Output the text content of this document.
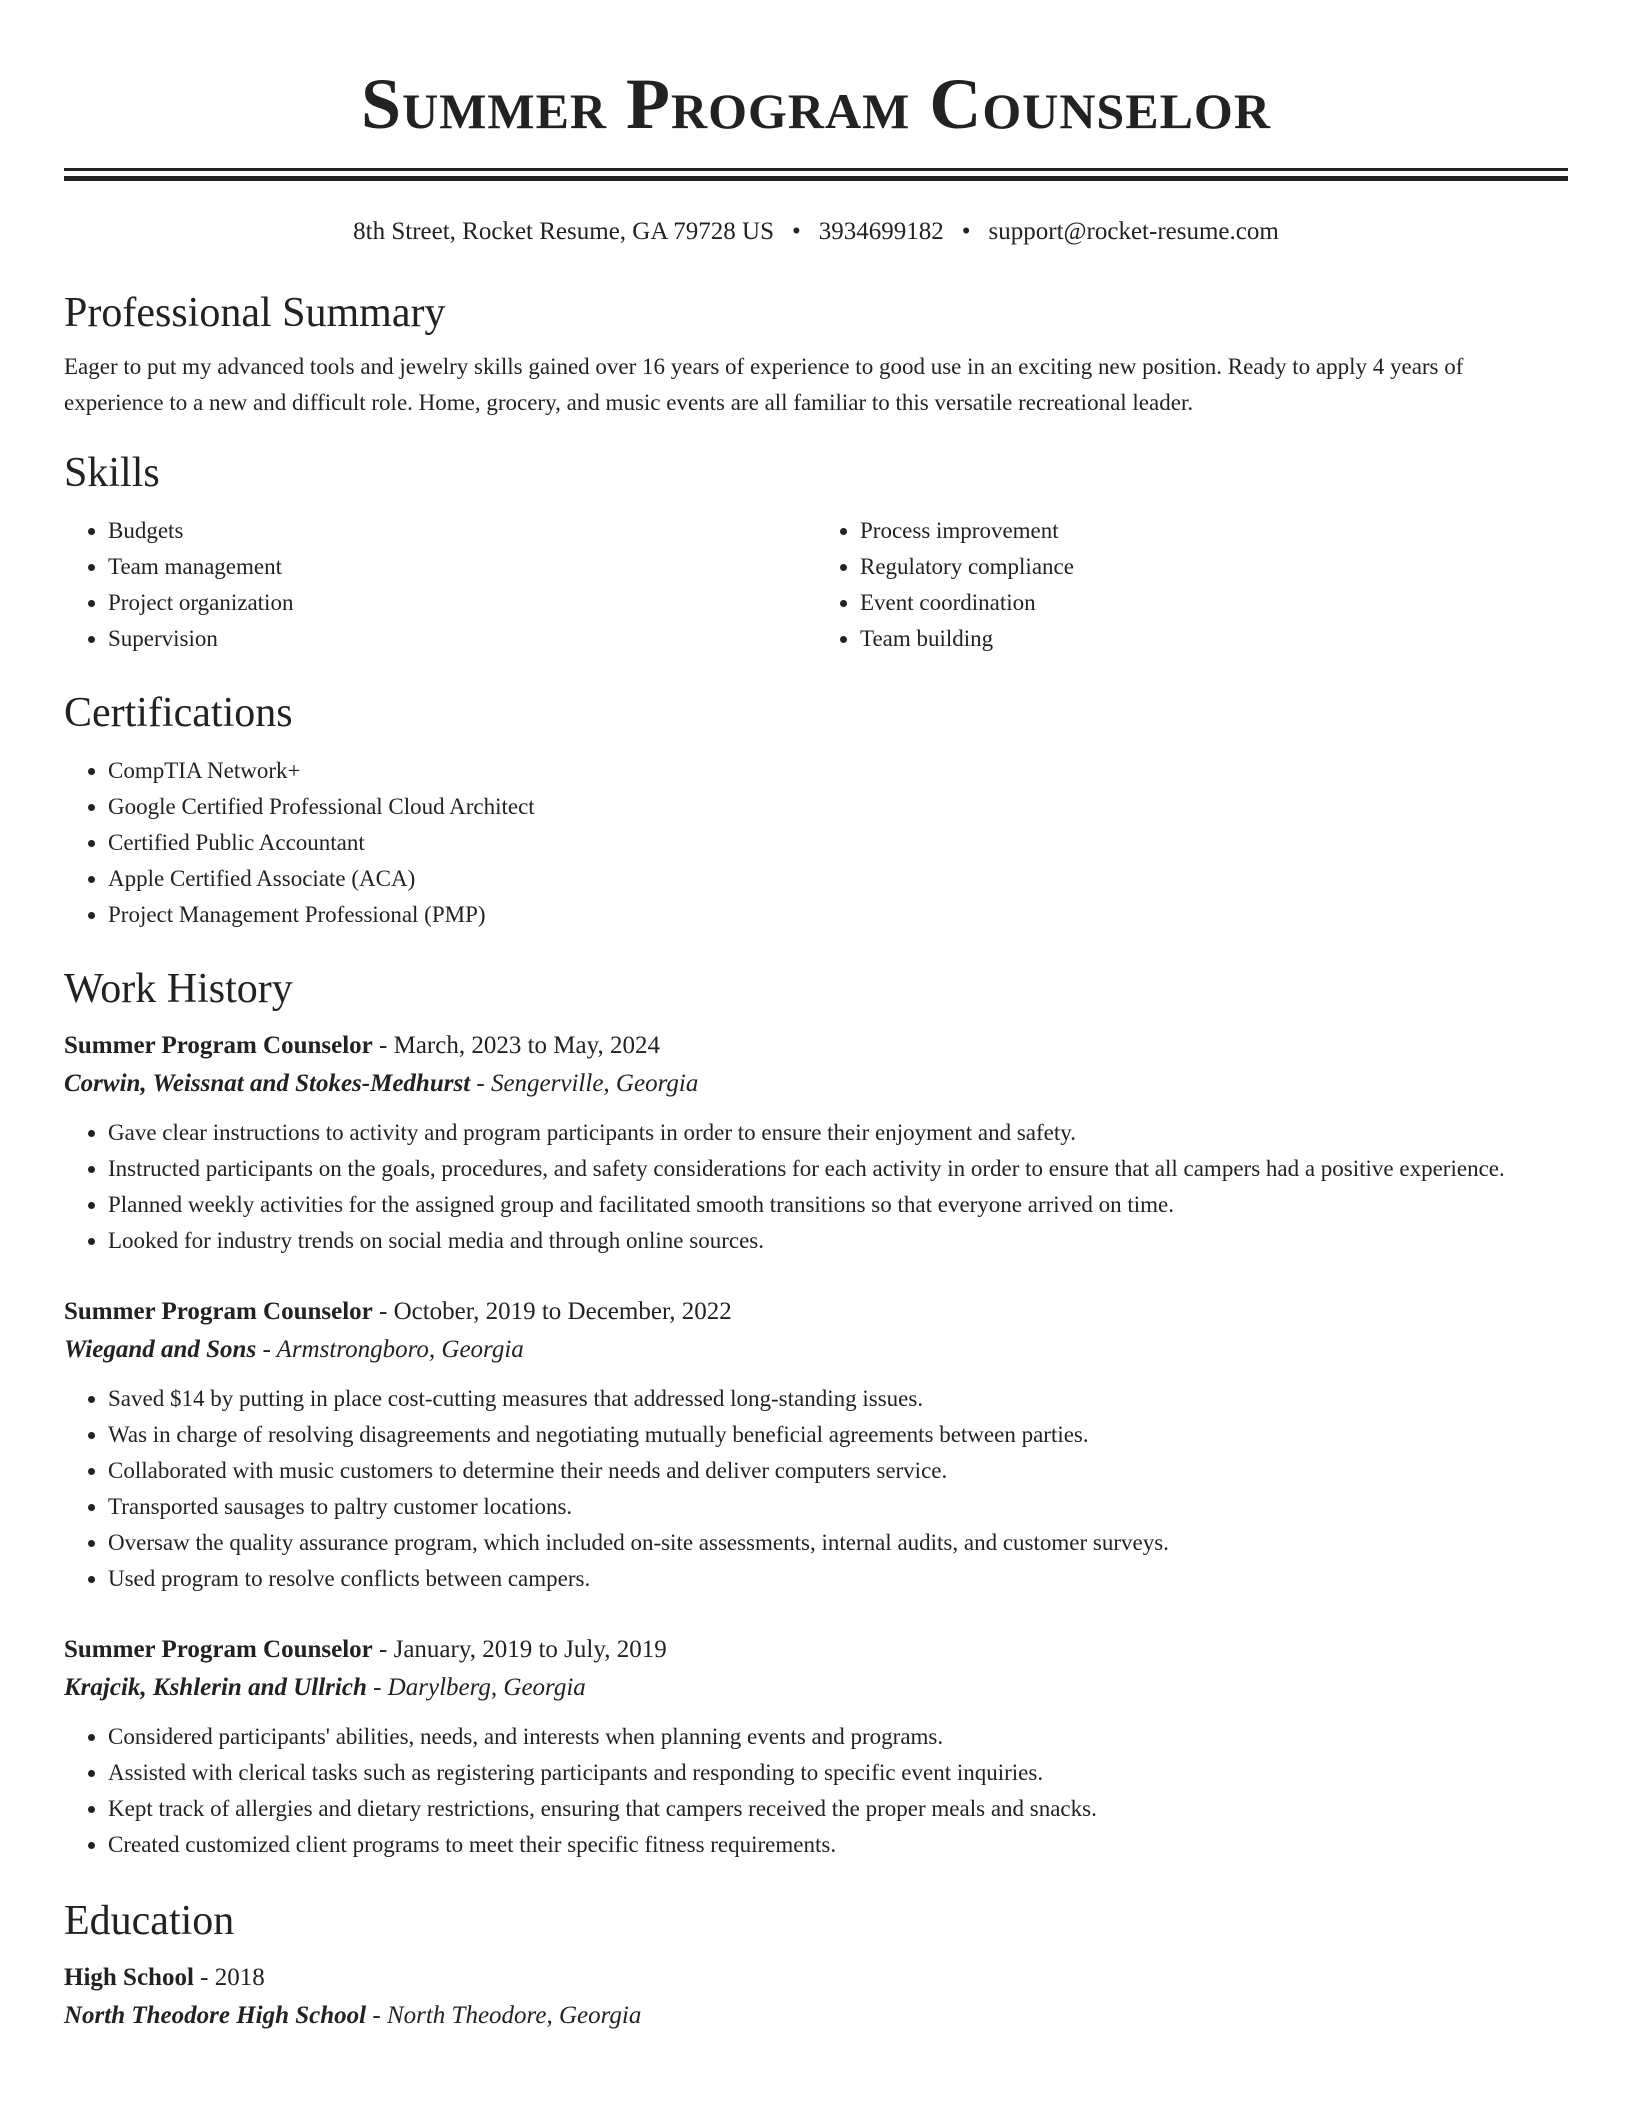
Summer Program Counselor
8th Street, Rocket Resume, GA 79728 US • 3934699182 • support@rocket-resume.com
Professional Summary
Eager to put my advanced tools and jewelry skills gained over 16 years of experience to good use in an exciting new position. Ready to apply 4 years of experience to a new and difficult role. Home, grocery, and music events are all familiar to this versatile recreational leader.
Skills
• Budgets
• Team management
• Project organization
• Supervision
• Process improvement
• Regulatory compliance
• Event coordination
• Team building
Certifications
• CompTIA Network+
• Google Certified Professional Cloud Architect
• Certified Public Accountant
• Apple Certified Associate (ACA)
• Project Management Professional (PMP)
Work History
Summer Program Counselor - March, 2023 to May, 2024
Corwin, Weissnat and Stokes-Medhurst - Sengerville, Georgia
• Gave clear instructions to activity and program participants in order to ensure their enjoyment and safety.
• Instructed participants on the goals, procedures, and safety considerations for each activity in order to ensure that all campers had a positive experience.
• Planned weekly activities for the assigned group and facilitated smooth transitions so that everyone arrived on time.
• Looked for industry trends on social media and through online sources.
Summer Program Counselor - October, 2019 to December, 2022
Wiegand and Sons - Armstrongboro, Georgia
• Saved $14 by putting in place cost-cutting measures that addressed long-standing issues.
• Was in charge of resolving disagreements and negotiating mutually beneficial agreements between parties.
• Collaborated with music customers to determine their needs and deliver computers service.
• Transported sausages to paltry customer locations.
• Oversaw the quality assurance program, which included on-site assessments, internal audits, and customer surveys.
• Used program to resolve conflicts between campers.
Summer Program Counselor - January, 2019 to July, 2019
Krajcik, Kshlerin and Ullrich - Darylberg, Georgia
• Considered participants' abilities, needs, and interests when planning events and programs.
• Assisted with clerical tasks such as registering participants and responding to specific event inquiries.
• Kept track of allergies and dietary restrictions, ensuring that campers received the proper meals and snacks.
• Created customized client programs to meet their specific fitness requirements.
Education
High School - 2018
North Theodore High School - North Theodore, Georgia
